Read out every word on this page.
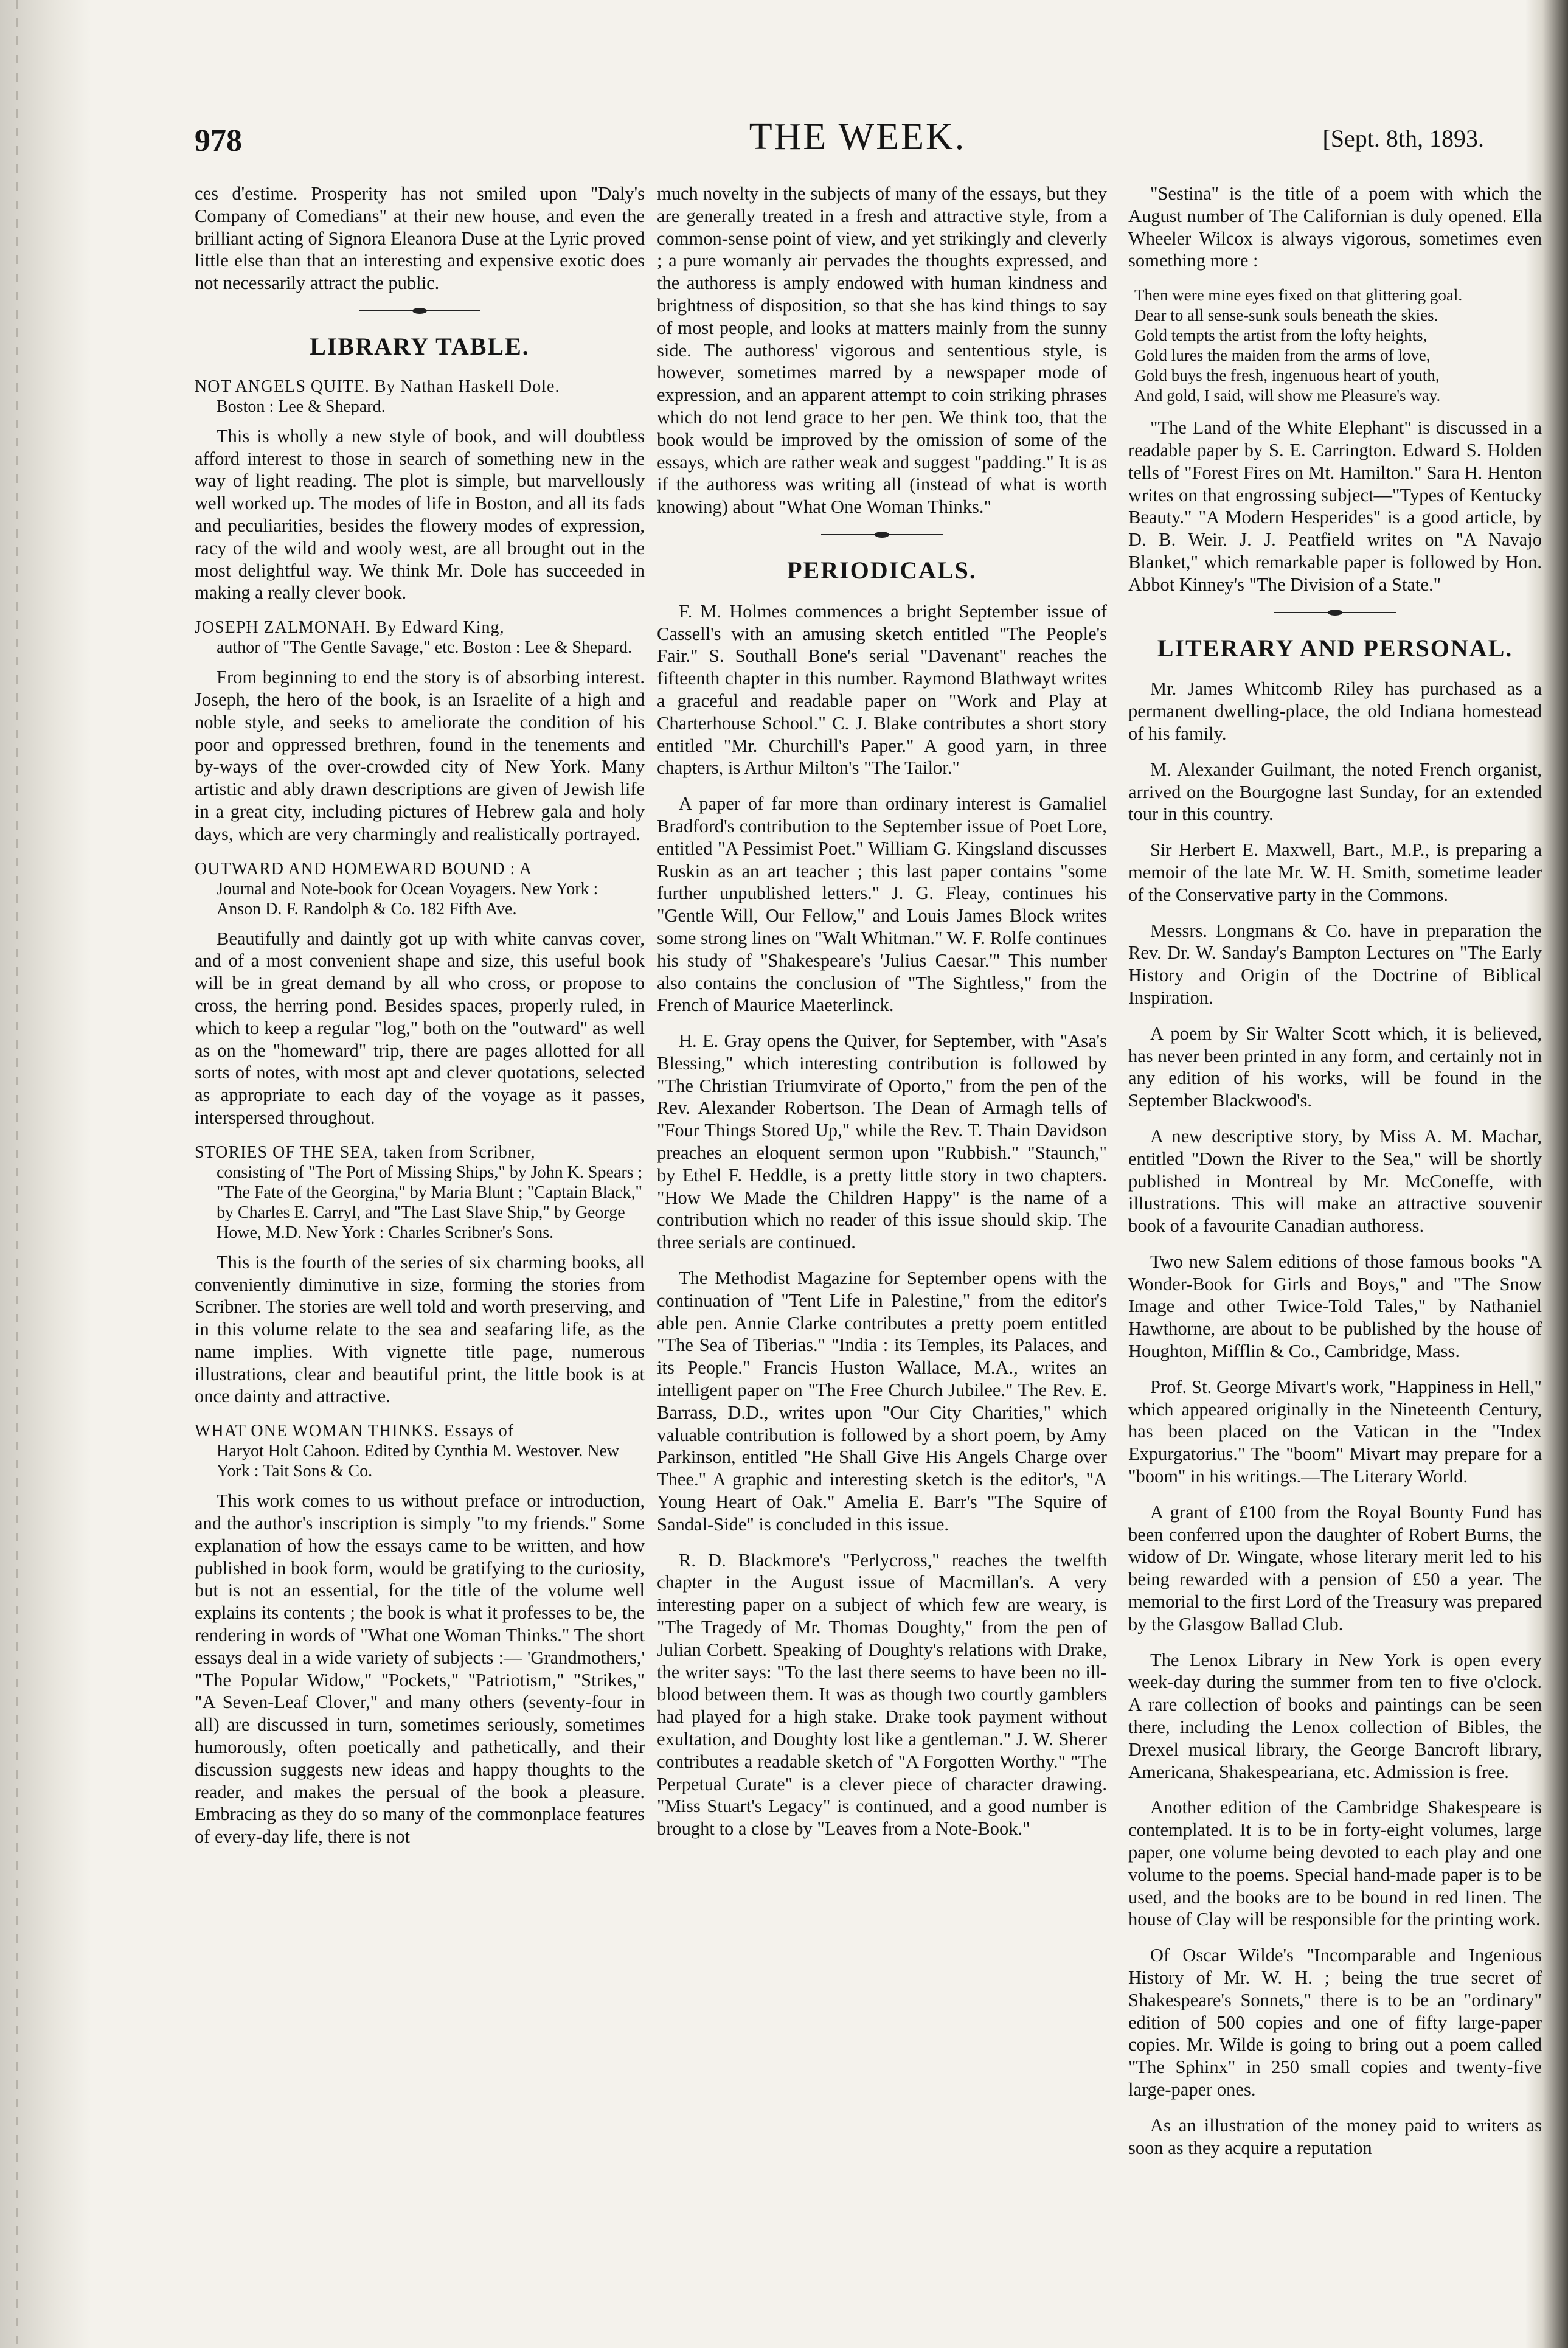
978	THE WEEK.	[Sept. 8th, 1893.

ces d'estime. Prosperity has not smiled upon "Daly's Company of Comedians" at their new house, and even the brilliant acting of Signora Eleanora Duse at the Lyric proved little else than that an interesting and expensive exotic does not necessarily attract the public.

LIBRARY TABLE.
NOT ANGELS QUITE. By Nathan Haskell Dole.
Boston : Lee & Shepard.

This is wholly a new style of book, and will doubtless afford interest to those in search of something new in the way of light reading. The plot is simple, but marvellously well worked up. The modes of life in Boston, and all its fads and peculiarities, besides the flowery modes of expression, racy of the wild and wooly west, are all brought out in the most delightful way. We think Mr. Dole has succeeded in making a really clever book.

JOSEPH ZALMONAH. By Edward King,
author of "The Gentle Savage," etc. Boston : Lee & Shepard.

From beginning to end the story is of absorbing interest. Joseph, the hero of the book, is an Israelite of a high and noble style, and seeks to ameliorate the condition of his poor and oppressed brethren, found in the tenements and by-ways of the over-crowded city of New York. Many artistic and ably drawn descriptions are given of Jewish life in a great city, including pictures of Hebrew gala and holy days, which are very charmingly and realistically portrayed.

OUTWARD AND HOMEWARD BOUND : A
Journal and Note-book for Ocean Voyagers. New York : Anson D. F. Randolph & Co. 182 Fifth Ave.

Beautifully and daintly got up with white canvas cover, and of a most convenient shape and size, this useful book will be in great demand by all who cross, or propose to cross, the herring pond. Besides spaces, properly ruled, in which to keep a regular "log," both on the "outward" as well as on the "homeward" trip, there are pages allotted for all sorts of notes, with most apt and clever quotations, selected as appropriate to each day of the voyage as it passes, interspersed throughout.

STORIES OF THE SEA, taken from Scribner,
consisting of "The Port of Missing Ships," by John K. Spears ; "The Fate of the Georgina," by Maria Blunt ; "Captain Black," by Charles E. Carryl, and "The Last Slave Ship," by George Howe, M.D. New York : Charles Scribner's Sons.

This is the fourth of the series of six charming books, all conveniently diminutive in size, forming the stories from Scribner. The stories are well told and worth preserving, and in this volume relate to the sea and seafaring life, as the name implies. With vignette title page, numerous illustrations, clear and beautiful print, the little book is at once dainty and attractive.

WHAT ONE WOMAN THINKS. Essays of
Haryot Holt Cahoon. Edited by Cynthia M. Westover. New York : Tait Sons & Co.

This work comes to us without preface or introduction, and the author's inscription is simply "to my friends." Some explanation of how the essays came to be written, and how published in book form, would be gratifying to the curiosity, but is not an essential, for the title of the volume well explains its contents ; the book is what it professes to be, the rendering in words of "What one Woman Thinks." The short essays deal in a wide variety of subjects :— 'Grandmothers,' "The Popular Widow," "Pockets," "Patriotism," "Strikes," "A Seven-Leaf Clover," and many others (seventy-four in all) are discussed in turn, sometimes seriously, sometimes humorously, often poetically and pathetically, and their discussion suggests new ideas and happy thoughts to the reader, and makes the persual of the book a pleasure. Embracing as they do so many of the commonplace features of every-day life, there is not

much novelty in the subjects of many of the essays, but they are generally treated in a fresh and attractive style, from a common-sense point of view, and yet strikingly and cleverly ; a pure womanly air pervades the thoughts expressed, and the authoress is amply endowed with human kindness and brightness of disposition, so that she has kind things to say of most people, and looks at matters mainly from the sunny side. The authoress' vigorous and sententious style, is however, sometimes marred by a newspaper mode of expression, and an apparent attempt to coin striking phrases which do not lend grace to her pen. We think too, that the book would be improved by the omission of some of the essays, which are rather weak and suggest "padding." It is as if the authoress was writing all (instead of what is worth knowing) about "What One Woman Thinks."

PERIODICALS.

F. M. Holmes commences a bright September issue of Cassell's with an amusing sketch entitled "The People's Fair." S. Southall Bone's serial "Davenant" reaches the fifteenth chapter in this number. Raymond Blathwayt writes a graceful and readable paper on "Work and Play at Charterhouse School." C. J. Blake contributes a short story entitled "Mr. Churchill's Paper." A good yarn, in three chapters, is Arthur Milton's "The Tailor."

A paper of far more than ordinary interest is Gamaliel Bradford's contribution to the September issue of Poet Lore, entitled "A Pessimist Poet." William G. Kingsland discusses Ruskin as an art teacher ; this last paper contains "some further unpublished letters." J. G. Fleay, continues his "Gentle Will, Our Fellow," and Louis James Block writes some strong lines on "Walt Whitman." W. F. Rolfe continues his study of "Shakespeare's 'Julius Caesar.'" This number also contains the conclusion of "The Sightless," from the French of Maurice Maeterlinck.

H. E. Gray opens the Quiver, for September, with "Asa's Blessing," which interesting contribution is followed by "The Christian Triumvirate of Oporto," from the pen of the Rev. Alexander Robertson. The Dean of Armagh tells of "Four Things Stored Up," while the Rev. T. Thain Davidson preaches an eloquent sermon upon "Rubbish." "Staunch," by Ethel F. Heddle, is a pretty little story in two chapters. "How We Made the Children Happy" is the name of a contribution which no reader of this issue should skip. The three serials are continued.

The Methodist Magazine for September opens with the continuation of "Tent Life in Palestine," from the editor's able pen. Annie Clarke contributes a pretty poem entitled "The Sea of Tiberias." "India : its Temples, its Palaces, and its People." Francis Huston Wallace, M.A., writes an intelligent paper on "The Free Church Jubilee." The Rev. E. Barrass, D.D., writes upon "Our City Charities," which valuable contribution is followed by a short poem, by Amy Parkinson, entitled "He Shall Give His Angels Charge over Thee." A graphic and interesting sketch is the editor's, "A Young Heart of Oak." Amelia E. Barr's "The Squire of Sandal-Side" is concluded in this issue.

R. D. Blackmore's "Perlycross," reaches the twelfth chapter in the August issue of Macmillan's. A very interesting paper on a subject of which few are weary, is "The Tragedy of Mr. Thomas Doughty," from the pen of Julian Corbett. Speaking of Doughty's relations with Drake, the writer says: "To the last there seems to have been no ill-blood between them. It was as though two courtly gamblers had played for a high stake. Drake took payment without exultation, and Doughty lost like a gentleman." J. W. Sherer contributes a readable sketch of "A Forgotten Worthy." "The Perpetual Curate" is a clever piece of character drawing. "Miss Stuart's Legacy" is continued, and a good number is brought to a close by "Leaves from a Note-Book."

"Sestina" is the title of a poem with which the August number of The Californian is duly opened. Ella Wheeler Wilcox is always vigorous, sometimes even something more :

Then were mine eyes fixed on that glittering goal.
Dear to all sense-sunk souls beneath the skies.
Gold tempts the artist from the lofty heights,
Gold lures the maiden from the arms of love,
Gold buys the fresh, ingenuous heart of youth,
And gold, I said, will show me Pleasure's way.

"The Land of the White Elephant" is discussed in a readable paper by S. E. Carrington. Edward S. Holden tells of "Forest Fires on Mt. Hamilton." Sara H. Henton writes on that engrossing subject—"Types of Kentucky Beauty." "A Modern Hesperides" is a good article, by D. B. Weir. J. J. Peatfield writes on "A Navajo Blanket," which remarkable paper is followed by Hon. Abbot Kinney's "The Division of a State."

LITERARY AND PERSONAL.

Mr. James Whitcomb Riley has purchased as a permanent dwelling-place, the old Indiana homestead of his family.

M. Alexander Guilmant, the noted French organist, arrived on the Bourgogne last Sunday, for an extended tour in this country.

Sir Herbert E. Maxwell, Bart., M.P., is preparing a memoir of the late Mr. W. H. Smith, sometime leader of the Conservative party in the Commons.

Messrs. Longmans & Co. have in preparation the Rev. Dr. W. Sanday's Bampton Lectures on "The Early History and Origin of the Doctrine of Biblical Inspiration.

A poem by Sir Walter Scott which, it is believed, has never been printed in any form, and certainly not in any edition of his works, will be found in the September Blackwood's.

A new descriptive story, by Miss A. M. Machar, entitled "Down the River to the Sea," will be shortly published in Montreal by Mr. McConeffe, with illustrations. This will make an attractive souvenir book of a favourite Canadian authoress.

Two new Salem editions of those famous books "A Wonder-Book for Girls and Boys," and "The Snow Image and other Twice-Told Tales," by Nathaniel Hawthorne, are about to be published by the house of Houghton, Mifflin & Co., Cambridge, Mass.

Prof. St. George Mivart's work, "Happiness in Hell," which appeared originally in the Nineteenth Century, has been placed on the Vatican in the "Index Expurgatorius." The "boom" Mivart may prepare for a "boom" in his writings.—The Literary World.

A grant of £100 from the Royal Bounty Fund has been conferred upon the daughter of Robert Burns, the widow of Dr. Wingate, whose literary merit led to his being rewarded with a pension of £50 a year. The memorial to the first Lord of the Treasury was prepared by the Glasgow Ballad Club.

The Lenox Library in New York is open every week-day during the summer from ten to five o'clock. A rare collection of books and paintings can be seen there, including the Lenox collection of Bibles, the Drexel musical library, the George Bancroft library, Americana, Shakespeariana, etc. Admission is free.

Another edition of the Cambridge Shakespeare is contemplated. It is to be in forty-eight volumes, large paper, one volume being devoted to each play and one volume to the poems. Special hand-made paper is to be used, and the books are to be bound in red linen. The house of Clay will be responsible for the printing work.

Of Oscar Wilde's "Incomparable and Ingenious History of Mr. W. H. ; being the true secret of Shakespeare's Sonnets," there is to be an "ordinary" edition of 500 copies and one of fifty large-paper copies. Mr. Wilde is going to bring out a poem called "The Sphinx" in 250 small copies and twenty-five large-paper ones.

As an illustration of the money paid to writers as soon as they acquire a reputation
